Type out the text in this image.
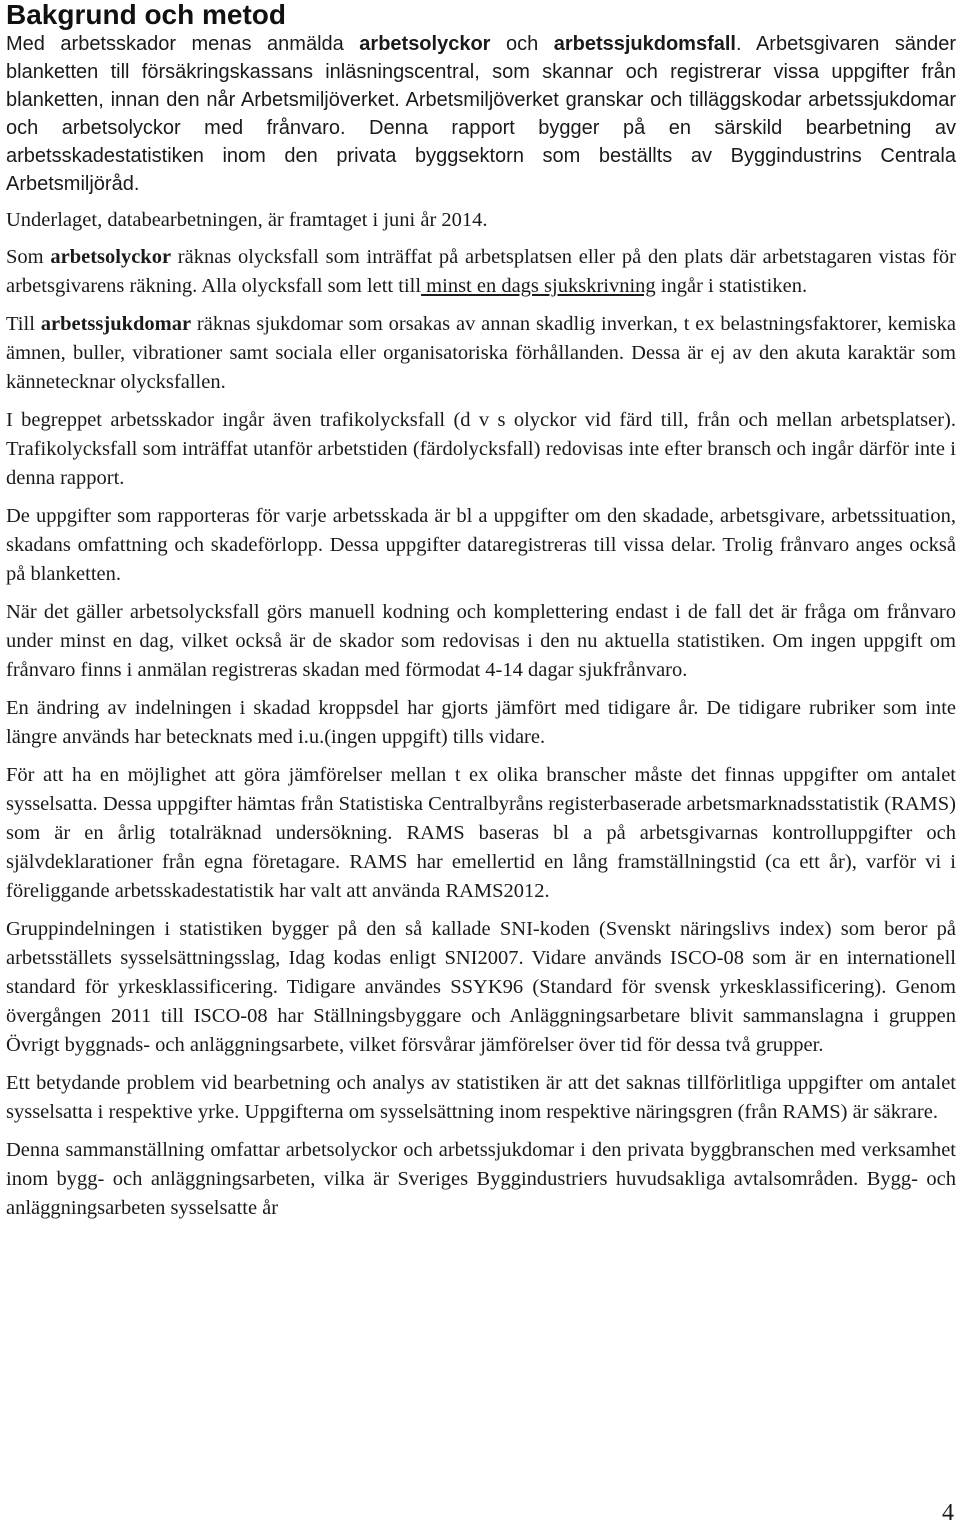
Bakgrund och metod

Med arbetsskador menas anmälda arbetsolyckor och arbetssjukdomsfall. Arbetsgivaren sänder blanketten till försäkringskassans inläsningscentral, som skannar och registrerar vissa uppgifter från blanketten, innan den når Arbetsmiljöverket. Arbetsmiljöverket granskar och tilläggskodar arbetssjukdomar och arbetsolyckor med frånvaro. Denna rapport bygger på en särskild bearbetning av arbetsskadestatistiken inom den privata byggsektorn som beställts av Byggindustrins Centrala Arbetsmiljöråd.

Underlaget, databearbetningen, är framtaget i juni år 2014.

Som arbetsolyckor räknas olycksfall som inträffat på arbetsplatsen eller på den plats där arbetstagaren vistas för arbetsgivarens räkning. Alla olycksfall som lett till minst en dags sjukskrivning ingår i statistiken.

Till arbetssjukdomar räknas sjukdomar som orsakas av annan skadlig inverkan, t ex belastningsfaktorer, kemiska ämnen, buller, vibrationer samt sociala eller organisatoriska förhållanden. Dessa är ej av den akuta karaktär som kännetecknar olycksfallen.

I begreppet arbetsskador ingår även trafikolycksfall (d v s olyckor vid färd till, från och mellan arbetsplatser). Trafikolycksfall som inträffat utanför arbetstiden (färdolycksfall) redovisas inte efter bransch och ingår därför inte i denna rapport.

De uppgifter som rapporteras för varje arbetsskada är bl a uppgifter om den skadade, arbetsgivare, arbetssituation, skadans omfattning och skadeförlopp. Dessa uppgifter dataregistreras till vissa delar. Trolig frånvaro anges också på blanketten.

När det gäller arbetsolycksfall görs manuell kodning och komplettering endast i de fall det är fråga om frånvaro under minst en dag, vilket också är de skador som redovisas i den nu aktuella statistiken. Om ingen uppgift om frånvaro finns i anmälan registreras skadan med förmodat 4-14 dagar sjukfrånvaro.

En ändring av indelningen i skadad kroppsdel har gjorts jämfört med tidigare år. De tidigare rubriker som inte längre används har betecknats med i.u.(ingen uppgift) tills vidare.

För att ha en möjlighet att göra jämförelser mellan t ex olika branscher måste det finnas uppgifter om antalet sysselsatta. Dessa uppgifter hämtas från Statistiska Centralbyråns registerbaserade arbetsmarknadsstatistik (RAMS) som är en årlig totalräknad undersökning. RAMS baseras bl a på arbetsgivarnas kontrolluppgifter och självdeklarationer från egna företagare. RAMS har emellertid en lång framställningstid (ca ett år), varför vi i föreliggande arbetsskadestatistik har valt att använda RAMS2012.

Gruppindelningen i statistiken bygger på den så kallade SNI-koden (Svenskt näringslivs index) som beror på arbetsställets sysselsättningsslag, Idag kodas enligt SNI2007. Vidare används ISCO-08 som är en internationell standard för yrkesklassificering. Tidigare användes SSYK96 (Standard för svensk yrkesklassificering). Genom övergången 2011 till ISCO-08 har Ställningsbyggare och Anläggningsarbetare blivit sammanslagna i gruppen Övrigt byggnads- och anläggningsarbete, vilket försvårar jämförelser över tid för dessa två grupper.

Ett betydande problem vid bearbetning och analys av statistiken är att det saknas tillförlitliga uppgifter om antalet sysselsatta i respektive yrke. Uppgifterna om sysselsättning inom respektive näringsgren (från RAMS) är säkrare.

Denna sammanställning omfattar arbetsolyckor och arbetssjukdomar i den privata byggbranschen med verksamhet inom bygg- och anläggningsarbeten, vilka är Sveriges Byggindustriers huvudsakliga avtalsområden. Bygg- och anläggningsarbeten sysselsatte år

4
